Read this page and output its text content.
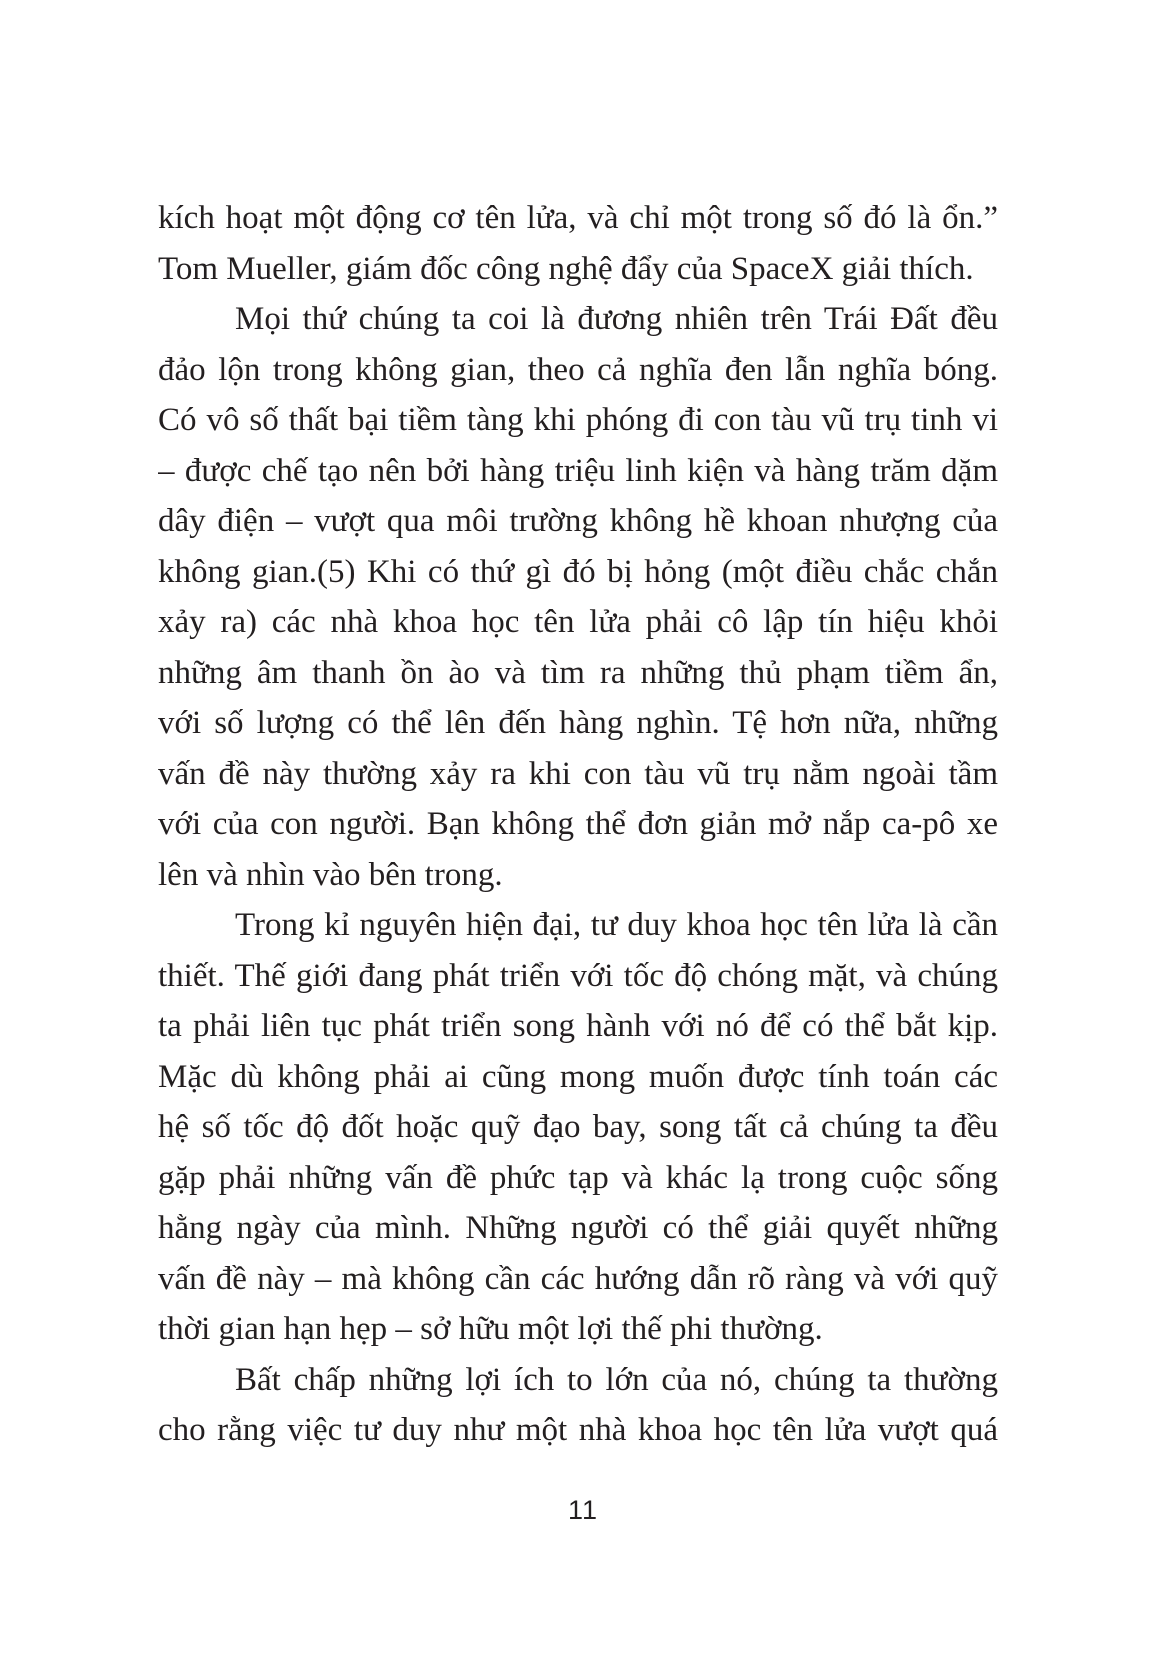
kích hoạt một động cơ tên lửa, và chỉ một trong số đó là ổn.”
Tom Mueller, giám đốc công nghệ đẩy của SpaceX giải thích.
Mọi thứ chúng ta coi là đương nhiên trên Trái Đất đều
đảo lộn trong không gian, theo cả nghĩa đen lẫn nghĩa bóng.
Có vô số thất bại tiềm tàng khi phóng đi con tàu vũ trụ tinh vi
– được chế tạo nên bởi hàng triệu linh kiện và hàng trăm dặm
dây điện – vượt qua môi trường không hề khoan nhượng của
không gian.(5) Khi có thứ gì đó bị hỏng (một điều chắc chắn
xảy ra) các nhà khoa học tên lửa phải cô lập tín hiệu khỏi
những âm thanh ồn ào và tìm ra những thủ phạm tiềm ẩn,
với số lượng có thể lên đến hàng nghìn. Tệ hơn nữa, những
vấn đề này thường xảy ra khi con tàu vũ trụ nằm ngoài tầm
với của con người. Bạn không thể đơn giản mở nắp ca-pô xe
lên và nhìn vào bên trong.
Trong kỉ nguyên hiện đại, tư duy khoa học tên lửa là cần
thiết. Thế giới đang phát triển với tốc độ chóng mặt, và chúng
ta phải liên tục phát triển song hành với nó để có thể bắt kịp.
Mặc dù không phải ai cũng mong muốn được tính toán các
hệ số tốc độ đốt hoặc quỹ đạo bay, song tất cả chúng ta đều
gặp phải những vấn đề phức tạp và khác lạ trong cuộc sống
hằng ngày của mình. Những người có thể giải quyết những
vấn đề này – mà không cần các hướng dẫn rõ ràng và với quỹ
thời gian hạn hẹp – sở hữu một lợi thế phi thường.
Bất chấp những lợi ích to lớn của nó, chúng ta thường
cho rằng việc tư duy như một nhà khoa học tên lửa vượt quá
11
